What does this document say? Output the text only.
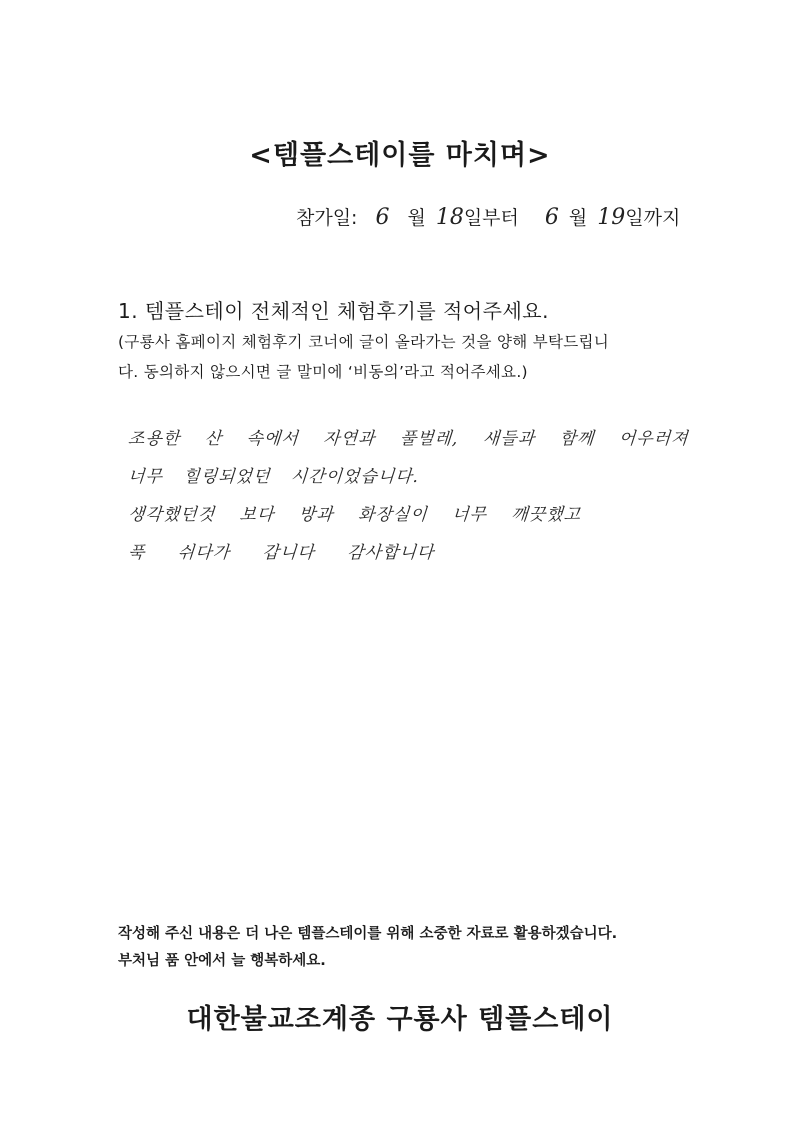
<템플스테이를 마치며>
참가일: 6 월 18 일부터 6 월 19 일까지
1. 템플스테이 전체적인 체험후기를 적어주세요.
(구룡사 홈페이지 체험후기 코너에 글이 올라가는 것을 양해 부탁드립니
다. 동의하지 않으시면 글 말미에 ‘비동의’라고 적어주세요.)
조용한 산 속에서 자연과 풀벌레, 새들과 함께 어우러져
너무 힐링되었던 시간이었습니다.
생각했던것 보다 방과 화장실이 너무 깨끗했고
푹 쉬다가 갑니다 감사합니다
작성해 주신 내용은 더 나은 템플스테이를 위해 소중한 자료로 활용하겠습니다.
부처님 품 안에서 늘 행복하세요.
대한불교조계종 구룡사 템플스테이
